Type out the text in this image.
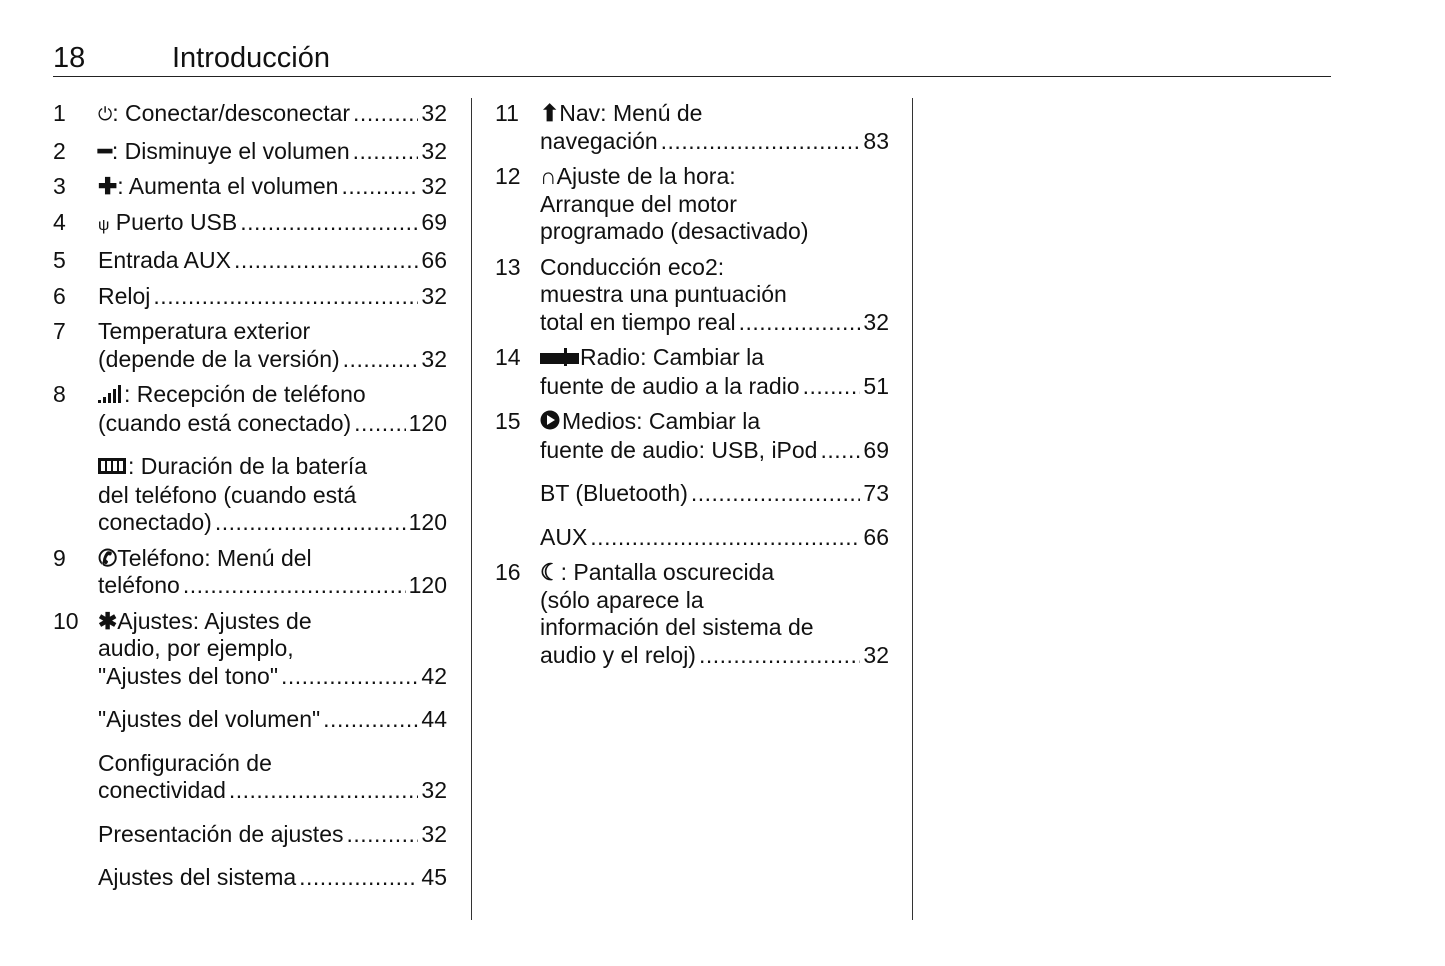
18	Introducción
1 ⏻: Conectar/desconectar .....	32
2 ━: Disminuye el volumen .....	32
3 ✚: Aumenta el volumen .....	32
4 ψ Puerto USB .....	69
5 Entrada AUX .....	66
6 Reloj .....	32
7 Temperatura exterior
(depende de la versión) .....	32
8	: Recepción de teléfono
(cuando está conectado) ..... 120
: Duración de la batería
del teléfono (cuando está
conectado) .....	120
9 ✆Teléfono: Menú del
teléfono .....	120
10 ✱Ajustes: Ajustes de
audio, por ejemplo,
"Ajustes del tono" .....	42
"Ajustes del volumen" .....	44
Configuración de
conectividad .....	32
Presentación de ajustes .....	32
Ajustes del sistema .....	45
11 ⬆Nav: Menú de
navegación .....	83
12 ∩Ajuste de la hora:
Arranque del motor
programado (desactivado)
13 Conducción eco2:
muestra una puntuación
total en tiempo real .....	32
14	Radio: Cambiar la
fuente de audio a la radio .....	51
15	Medios: Cambiar la
fuente de audio: USB, iPod ..... 69
BT (Bluetooth) .....	73
AUX .....	66
16 ☾: Pantalla oscurecida
(sólo aparece la
información del sistema de
audio y el reloj) .....	32
